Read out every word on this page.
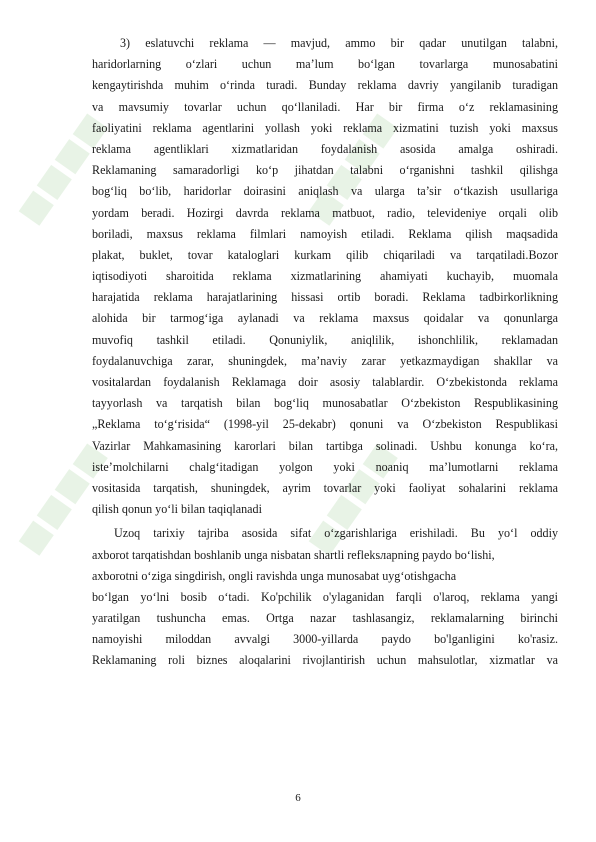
■■■■	■■■■
■■■■	■■■■
3) eslatuvchi reklama — mavjud, ammo bir qadar unutilgan talabni,
haridorlarning o‘zlari uchun ma’lum bo‘lgan tovarlarga munosabatini
kengaytirishda muhim o‘rinda turadi. Bunday reklama davriy yangilanib turadigan
va mavsumiy tovarlar uchun qo‘llaniladi. Har bir firma o‘z reklamasining
faoliyatini reklama agentlarini yollash yoki reklama xizmatini tuzish yoki maxsus
reklama agentliklari xizmatlaridan foydalanish asosida amalga oshiradi.
Reklamaning samaradorligi ko‘p jihatdan talabni o‘rganishni tashkil qilishga
bog‘liq bo‘lib, haridorlar doirasini aniqlash va ularga ta’sir o‘tkazish usullariga
yordam beradi. Hozirgi davrda reklama matbuot, radio, televideniye orqali olib
boriladi, maxsus reklama filmlari namoyish etiladi. Reklama qilish maqsadida
plakat, buklet, tovar kataloglari kurkam qilib chiqariladi va tarqatiladi.Bozor
iqtisodiyoti sharoitida reklama xizmatlarining ahamiyati kuchayib, muomala
harajatida reklama harajatlarining hissasi ortib boradi. Reklama tadbirkorlikning
alohida bir tarmog‘iga aylanadi va reklama maxsus qoidalar va qonunlarga
muvofiq tashkil etiladi. Qonuniylik, aniqlilik, ishonchlilik, reklamadan
foydalanuvchiga zarar, shuningdek, ma’naviy zarar yetkazmaydigan shakllar va
vositalardan foydalanish Reklamaga doir asosiy talablardir. O‘zbekistonda reklama
tayyorlash va tarqatish bilan bog‘liq munosabatlar O‘zbekiston Respublikasining
„Reklama to‘g‘risida“ (1998-yil 25-dekabr) qonuni va O‘zbekiston Respublikasi
Vazirlar Mahkamasining karorlari bilan tartibga solinadi. Ushbu konunga ko‘ra,
iste’molchilarni chalg‘itadigan yolgon yoki noaniq ma’lumotlarni reklama
vositasida tarqatish, shuningdek, ayrim tovarlar yoki faoliyat sohalarini reklama
qilish qonun yo‘li bilan taqiqlanadi
Uzoq tarixiy tajriba asosida sifat o‘zgarishlariga erishiladi. Bu yo‘l oddiy
axborot tarqatishdan boshlanib unga nisbatan shartli refleksларning paydo bo‘lishi,
axborotni o‘ziga singdirish, ongli ravishda unga munosabat uyg‘otishgacha
bo‘lgan yo‘lni bosib o‘tadi. Ko'pchilik o'ylaganidan farqli o'laroq, reklama yangi
yaratilgan tushuncha emas. Ortga nazar tashlasangiz, reklamalarning birinchi
namoyishi miloddan avvalgi 3000-yillarda paydo bo'lganligini ko'rasiz.
Reklamaning roli biznes aloqalarini rivojlantirish uchun mahsulotlar, xizmatlar va
6
